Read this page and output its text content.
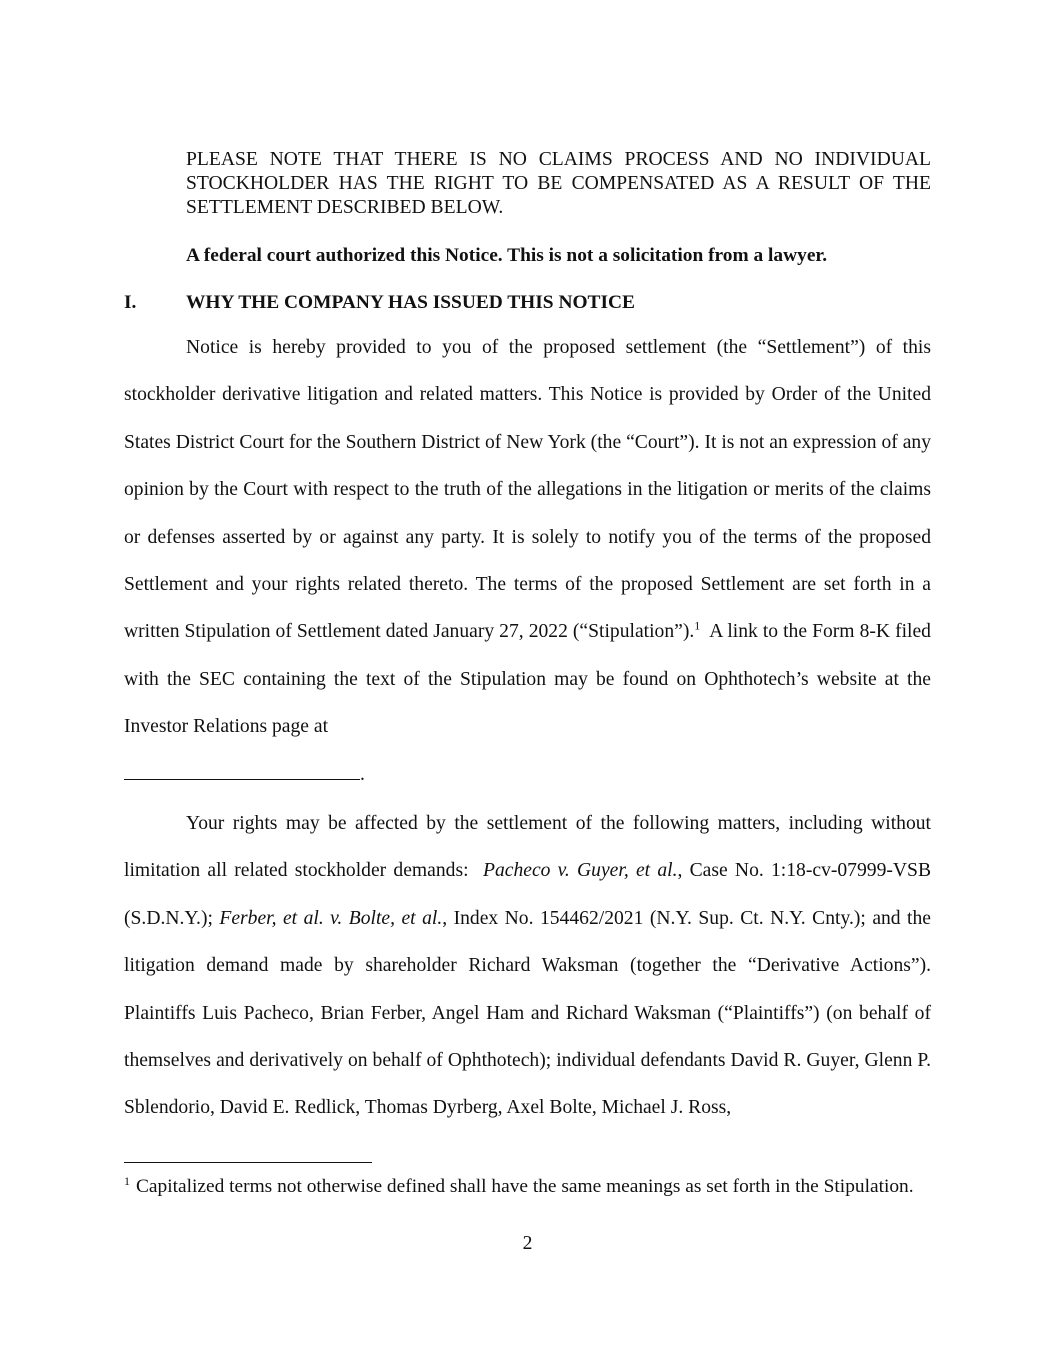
PLEASE NOTE THAT THERE IS NO CLAIMS PROCESS AND NO INDIVIDUAL STOCKHOLDER HAS THE RIGHT TO BE COMPENSATED AS A RESULT OF THE SETTLEMENT DESCRIBED BELOW.

A federal court authorized this Notice. This is not a solicitation from a lawyer.

I.	WHY THE COMPANY HAS ISSUED THIS NOTICE

Notice is hereby provided to you of the proposed settlement (the “Settlement”) of this stockholder derivative litigation and related matters. This Notice is provided by Order of the United States District Court for the Southern District of New York (the “Court”). It is not an expression of any opinion by the Court with respect to the truth of the allegations in the litigation or merits of the claims or defenses asserted by or against any party. It is solely to notify you of the terms of the proposed Settlement and your rights related thereto. The terms of the proposed Settlement are set forth in a written Stipulation of Settlement dated January 27, 2022 (“Stipulation”).$^1$ A link to the Form 8-K filed with the SEC containing the text of the Stipulation may be found on Ophthotech’s website at the Investor Relations page at
.

Your rights may be affected by the settlement of the following matters, including without limitation all related stockholder demands: Pacheco v. Guyer, et al., Case No. 1:18-cv-07999-VSB (S.D.N.Y.); Ferber, et al. v. Bolte, et al., Index No. 154462/2021 (N.Y. Sup. Ct. N.Y. Cnty.); and the litigation demand made by shareholder Richard Waksman (together the “Derivative Actions”). Plaintiffs Luis Pacheco, Brian Ferber, Angel Ham and Richard Waksman (“Plaintiffs”) (on behalf of themselves and derivatively on behalf of Ophthotech); individual defendants David R. Guyer, Glenn P. Sblendorio, David E. Redlick, Thomas Dyrberg, Axel Bolte, Michael J. Ross,

$^1$ Capitalized terms not otherwise defined shall have the same meanings as set forth in the Stipulation.

2
